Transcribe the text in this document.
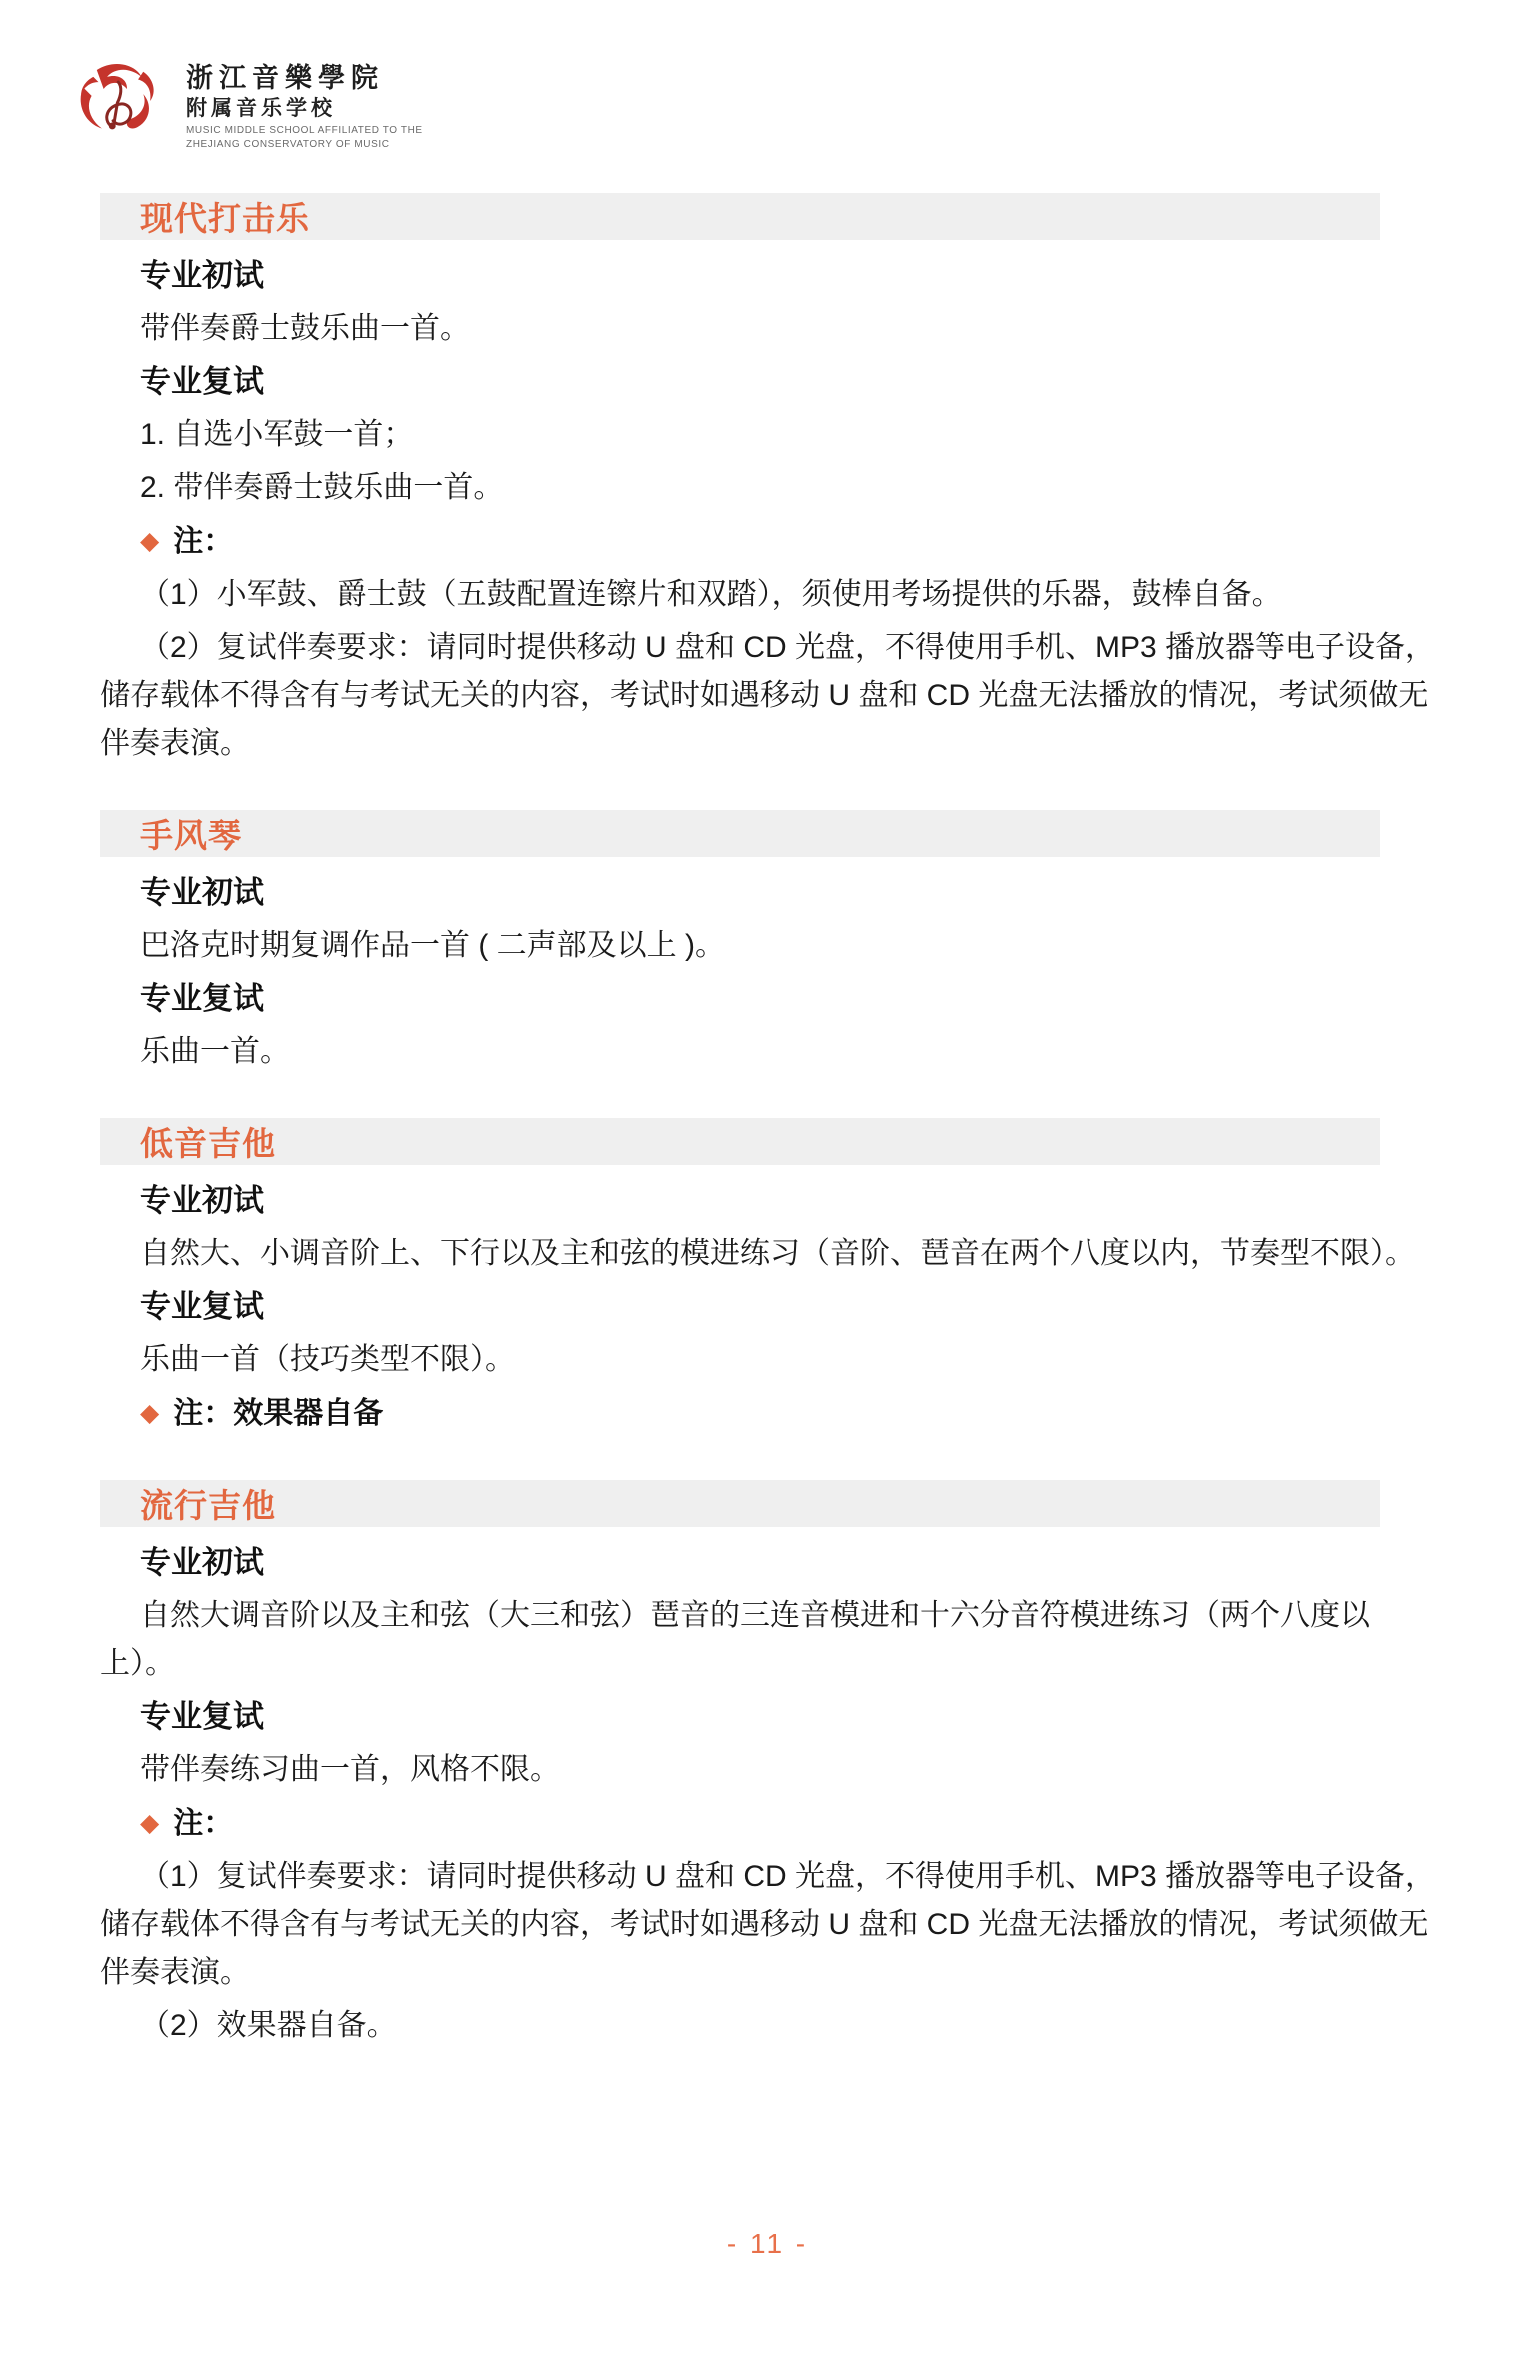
浙江音樂學院
附属音乐学校
MUSIC MIDDLE SCHOOL AFFILIATED TO THE
ZHEJIANG CONSERVATORY OF MUSIC
现代打击乐
专业初试

带伴奏爵士鼓乐曲一首。

专业复试

1. 自选小军鼓一首；

2. 带伴奏爵士鼓乐曲一首。

◆ 注：

（1）小军鼓、爵士鼓（五鼓配置连镲片和双踏），须使用考场提供的乐器，鼓棒自备。

（2）复试伴奏要求：请同时提供移动 U 盘和 CD 光盘，不得使用手机、MP3 播放器等电子设备，储存载体不得含有与考试无关的内容，考试时如遇移动 U 盘和 CD 光盘无法播放的情况，考试须做无伴奏表演。

手风琴
专业初试

巴洛克时期复调作品一首 ( 二声部及以上 )。

专业复试

乐曲一首。

低音吉他
专业初试

自然大、小调音阶上、下行以及主和弦的模进练习（音阶、琶音在两个八度以内，节奏型不限）。

专业复试

乐曲一首（技巧类型不限）。

◆ 注：效果器自备
流行吉他
专业初试

自然大调音阶以及主和弦（大三和弦）琶音的三连音模进和十六分音符模进练习（两个八度以上）。

专业复试

带伴奏练习曲一首，风格不限。

◆ 注：

（1）复试伴奏要求：请同时提供移动 U 盘和 CD 光盘，不得使用手机、MP3 播放器等电子设备，储存载体不得含有与考试无关的内容，考试时如遇移动 U 盘和 CD 光盘无法播放的情况，考试须做无伴奏表演。

（2）效果器自备。

- 11 -
